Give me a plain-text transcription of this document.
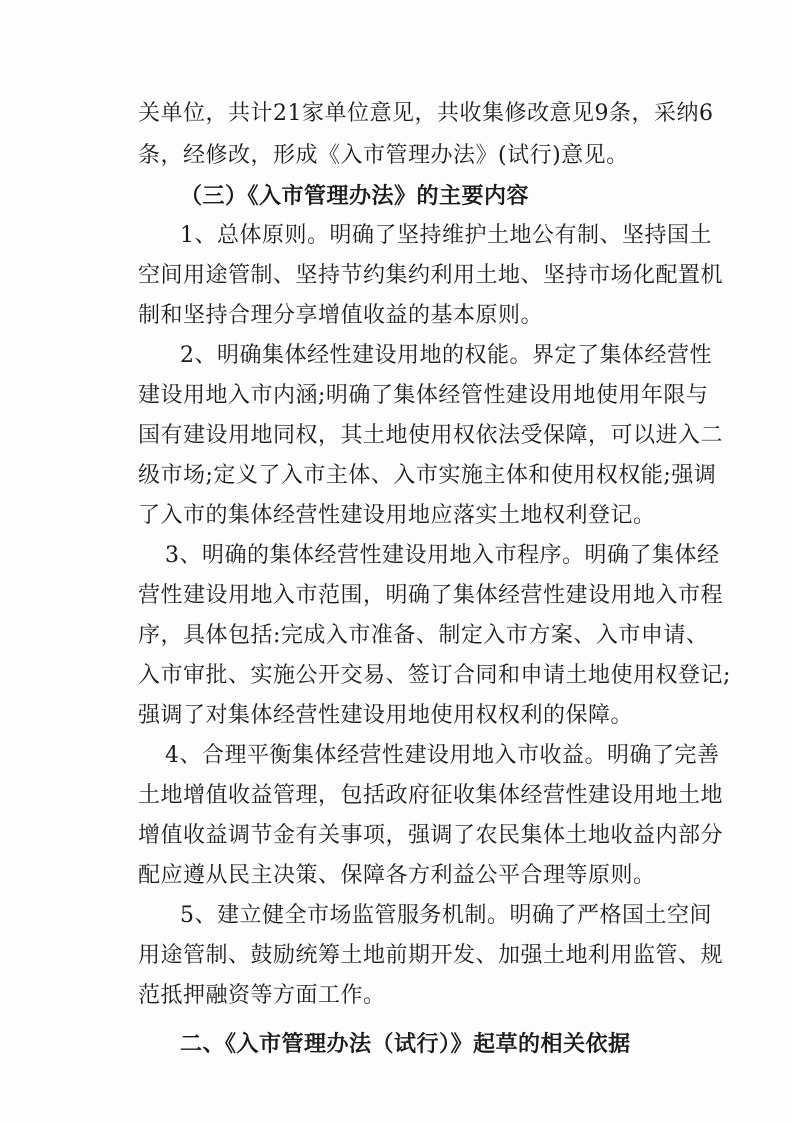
关单位，共计21家单位意见，共收集修改意见9条，采纳6
条，经修改，形成《入市管理办法》(试行)意见。
（三）《入市管理办法》的主要内容
1、总体原则。明确了坚持维护土地公有制、坚持国土
空间用途管制、坚持节约集约利用土地、坚持市场化配置机
制和坚持合理分享增值收益的基本原则。
2、明确集体经性建设用地的权能。界定了集体经营性
建设用地入市内涵;明确了集体经管性建设用地使用年限与
国有建设用地同权，其土地使用权依法受保障，可以进入二
级市场;定义了入市主体、入市实施主体和使用权权能;强调
了入市的集体经营性建设用地应落实土地权利登记。
3、明确的集体经营性建设用地入市程序。明确了集体经
营性建设用地入市范围，明确了集体经营性建设用地入市程
序，具体包括:完成入市准备、制定入市方案、入市申请、
入市审批、实施公开交易、签订合同和申请土地使用权登记;
强调了对集体经营性建设用地使用权权利的保障。
4、合理平衡集体经营性建设用地入市收益。明确了完善
土地增值收益管理，包括政府征收集体经营性建设用地土地
增值收益调节金有关事项，强调了农民集体土地收益内部分
配应遵从民主决策、保障各方利益公平合理等原则。
5、建立健全市场监管服务机制。明确了严格国土空间
用途管制、鼓励统筹土地前期开发、加强土地利用监管、规
范抵押融资等方面工作。
二、《入市管理办法（试行）》起草的相关依据
